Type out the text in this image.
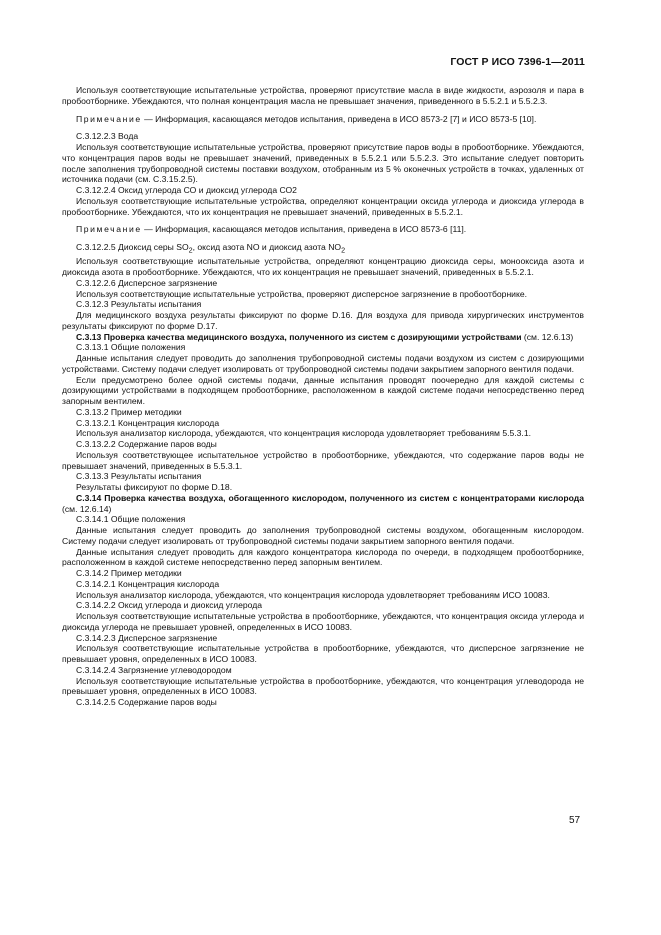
ГОСТ Р ИСО 7396-1—2011

Используя соответствующие испытательные устройства, проверяют присутствие масла в виде жидкости, аэрозоля и пара в пробоотборнике. Убеждаются, что полная концентрация масла не превышает значения, приведенного в 5.5.2.1 и 5.5.2.3.

Примечание — Информация, касающаяся методов испытания, приведена в ИСО 8573-2 [7] и ИСО 8573-5 [10].

С.3.12.2.3 Вода

Используя соответствующие испытательные устройства, проверяют присутствие паров воды в пробоотборнике. Убеждаются, что концентрация паров воды не превышает значений, приведенных в 5.5.2.1 или 5.5.2.3. Это испытание следует повторить после заполнения трубопроводной системы поставки воздухом, отобранным из 5 % оконечных устройств в точках, удаленных от источника подачи (см. С.3.15.2.5).

С.3.12.2.4 Оксид углерода СО и диоксид углерода СО2

Используя соответствующие испытательные устройства, определяют концентрации оксида углерода и диоксида углерода в пробоотборнике. Убеждаются, что их концентрация не превышает значений, приведенных в 5.5.2.1.

Примечание — Информация, касающаяся методов испытания, приведена в ИСО 8573-6 [11].

С.3.12.2.5 Диоксид серы $SO_2$, оксид азота NO и диоксид азота $NO_2$

Используя соответствующие испытательные устройства, определяют концентрацию диоксида серы, монооксида азота и диоксида азота в пробоотборнике. Убеждаются, что их концентрация не превышает значений, приведенных в 5.5.2.1.

С.3.12.2.6 Дисперсное загрязнение

Используя соответствующие испытательные устройства, проверяют дисперсное загрязнение в пробоотборнике.

С.3.12.3 Результаты испытания

Для медицинского воздуха результаты фиксируют по форме D.16. Для воздуха для привода хирургических инструментов результаты фиксируют по форме D.17.

С.3.13 Проверка качества медицинского воздуха, полученного из систем с дозирующими устройствами (см. 12.6.13)

С.3.13.1 Общие положения

Данные испытания следует проводить до заполнения трубопроводной системы подачи воздухом из систем с дозирующими устройствами. Систему подачи следует изолировать от трубопроводной системы подачи закрытием запорного вентиля подачи.

Если предусмотрено более одной системы подачи, данные испытания проводят поочередно для каждой системы с дозирующими устройствами в подходящем пробоотборнике, расположенном в каждой системе подачи непосредственно перед запорным вентилем.

С.3.13.2 Пример методики

С.3.13.2.1 Концентрация кислорода

Используя анализатор кислорода, убеждаются, что концентрация кислорода удовлетворяет требованиям 5.5.3.1.

С.3.13.2.2 Содержание паров воды

Используя соответствующее испытательное устройство в пробоотборнике, убеждаются, что содержание паров воды не превышает значений, приведенных в 5.5.3.1.

С.3.13.3 Результаты испытания

Результаты фиксируют по форме D.18.

С.3.14 Проверка качества воздуха, обогащенного кислородом, полученного из систем с концентраторами кислорода (см. 12.6.14)

С.3.14.1 Общие положения

Данные испытания следует проводить до заполнения трубопроводной системы воздухом, обогащенным кислородом. Систему подачи следует изолировать от трубопроводной системы подачи закрытием запорного вентиля подачи.

Данные испытания следует проводить для каждого концентратора кислорода по очереди, в подходящем пробоотборнике, расположенном в каждой системе непосредственно перед запорным вентилем.

С.3.14.2 Пример методики

С.3.14.2.1 Концентрация кислорода

Используя анализатор кислорода, убеждаются, что концентрация кислорода удовлетворяет требованиям ИСО 10083.

С.3.14.2.2 Оксид углерода и диоксид углерода

Используя соответствующие испытательные устройства в пробоотборнике, убеждаются, что концентрация оксида углерода и диоксида углерода не превышает уровней, определенных в ИСО 10083.

С.3.14.2.3 Дисперсное загрязнение

Используя соответствующие испытательные устройства в пробоотборнике, убеждаются, что дисперсное загрязнение не превышает уровня, определенных в ИСО 10083.

С.3.14.2.4 Загрязнение углеводородом

Используя соответствующие испытательные устройства в пробоотборнике, убеждаются, что концентрация углеводорода не превышает уровня, определенных в ИСО 10083.

С.3.14.2.5 Содержание паров воды

57
